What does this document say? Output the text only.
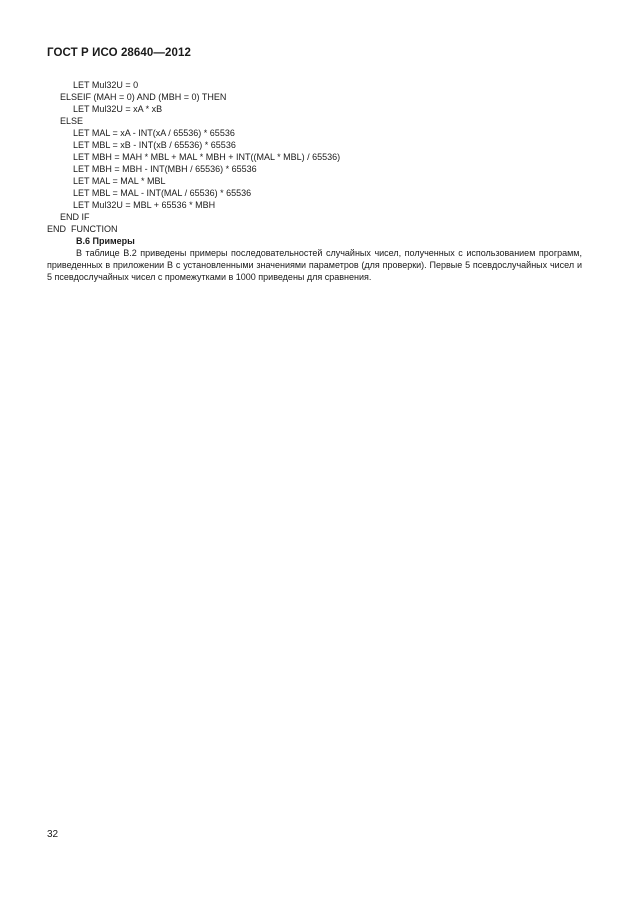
ГОСТ Р ИСО 28640—2012
LET Mul32U = 0
ELSEIF (MAH = 0) AND (MBH = 0) THEN
LET Mul32U = xA * xB
ELSE
LET MAL = xA - INT(xA / 65536) * 65536
LET MBL = xB - INT(xB / 65536) * 65536
LET MBH = MAH * MBL + MAL * MBH + INT((MAL * MBL) / 65536)
LET MBH = MBH - INT(MBH / 65536) * 65536
LET MAL = MAL * MBL
LET MBL = MAL - INT(MAL / 65536) * 65536
LET Mul32U = MBL + 65536 * MBH
END IF
END  FUNCTION
В.6 Примеры

В таблице В.2 приведены примеры последовательностей случайных чисел, полученных с использованием программ, приведенных в приложении В с установленными значениями параметров (для проверки). Первые 5 псевдослучайных чисел и 5 псевдослучайных чисел с промежутками в 1000 приведены для сравнения.

32
